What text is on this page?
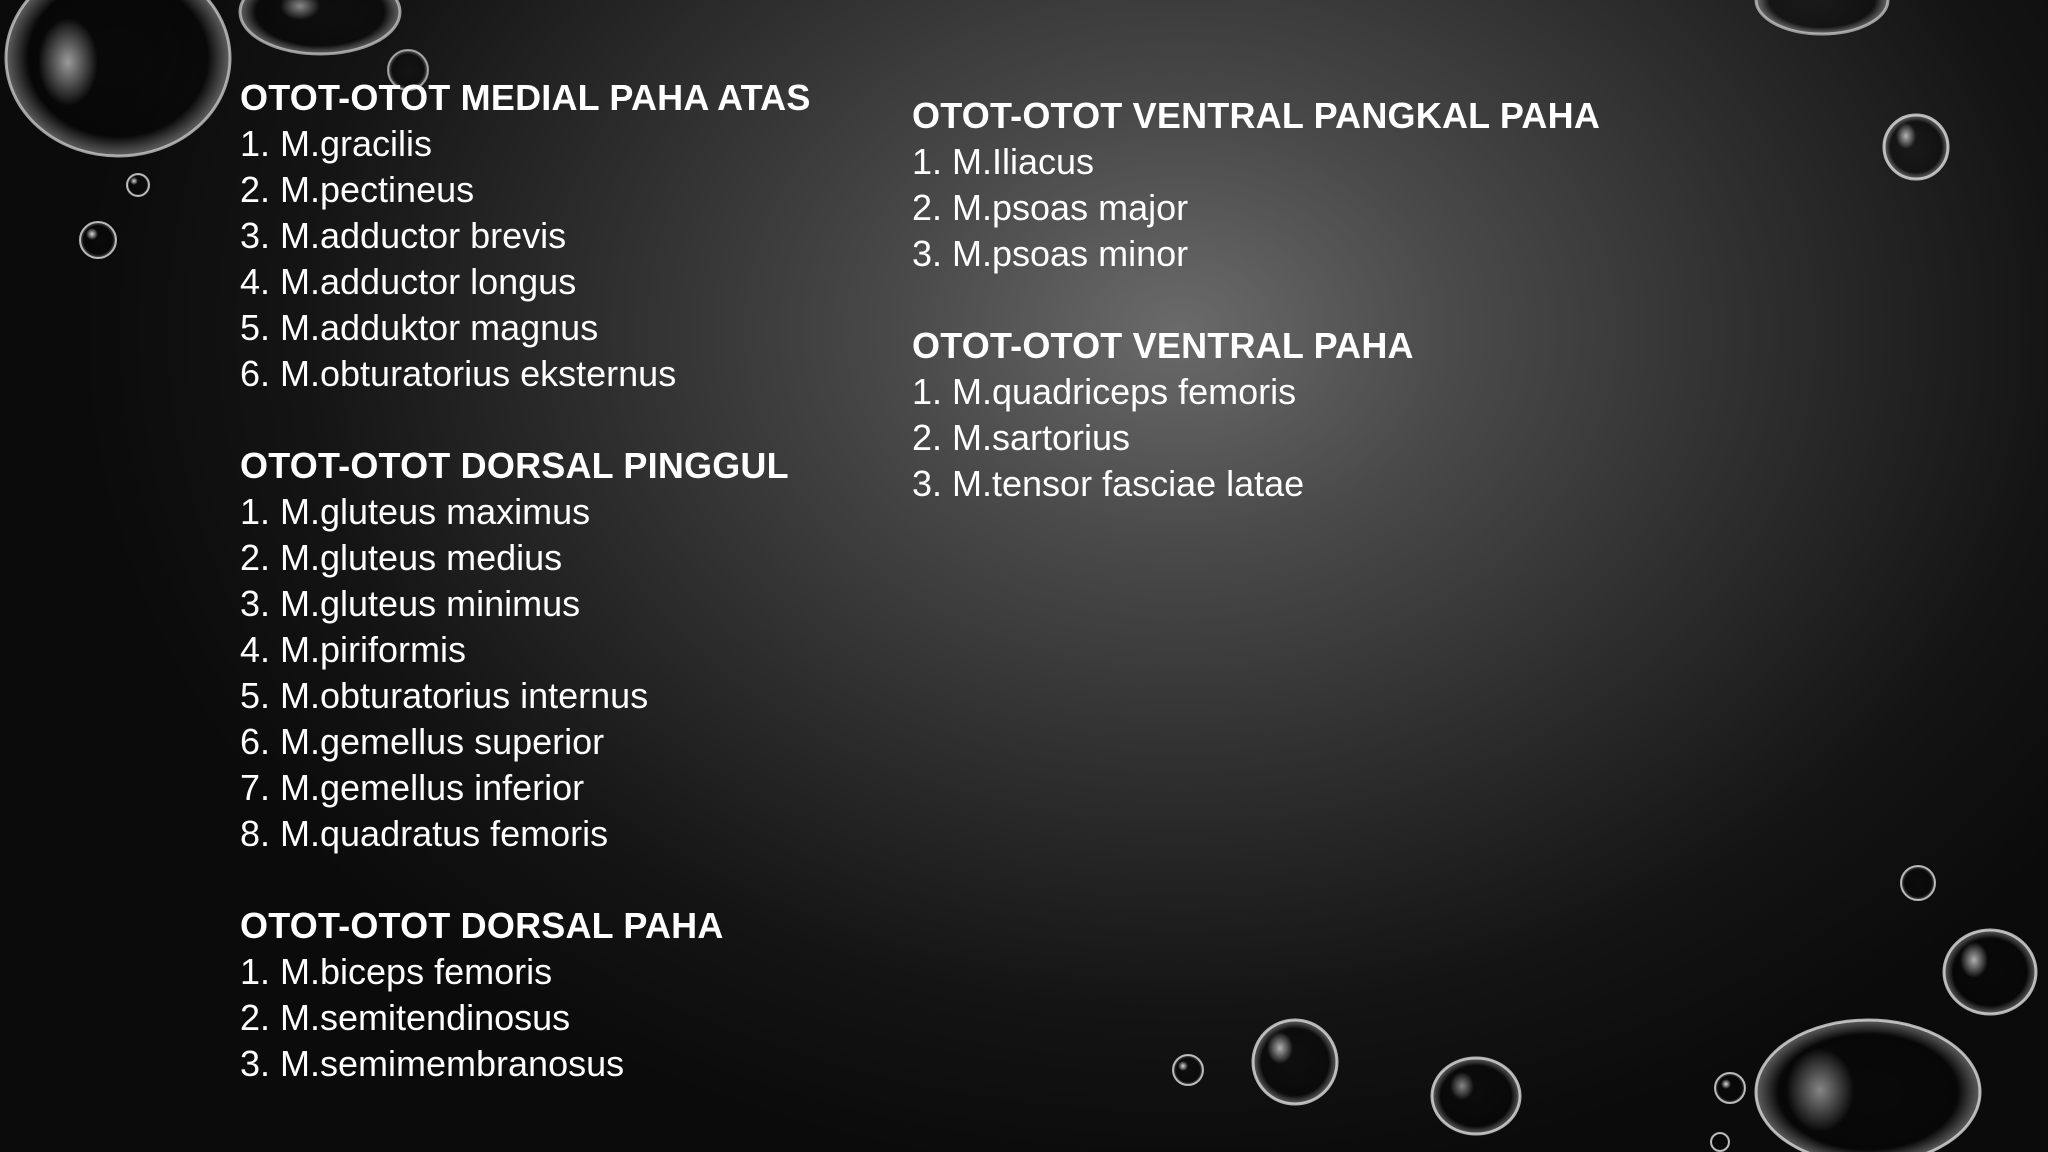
OTOT-OTOT MEDIAL PAHA ATAS
1. M.gracilis
2. M.pectineus
3. M.adductor brevis
4. M.adductor longus
5. M.adduktor magnus
6. M.obturatorius eksternus
OTOT-OTOT DORSAL PINGGUL
1. M.gluteus maximus
2. M.gluteus medius
3. M.gluteus minimus
4. M.piriformis
5. M.obturatorius internus
6. M.gemellus superior
7. M.gemellus inferior
8. M.quadratus femoris
OTOT-OTOT DORSAL PAHA
1. M.biceps femoris
2. M.semitendinosus
3. M.semimembranosus
OTOT-OTOT VENTRAL PANGKAL PAHA
1. M.Iliacus
2. M.psoas major
3. M.psoas minor
OTOT-OTOT VENTRAL PAHA
1. M.quadriceps femoris
2. M.sartorius
3. M.tensor fasciae latae
